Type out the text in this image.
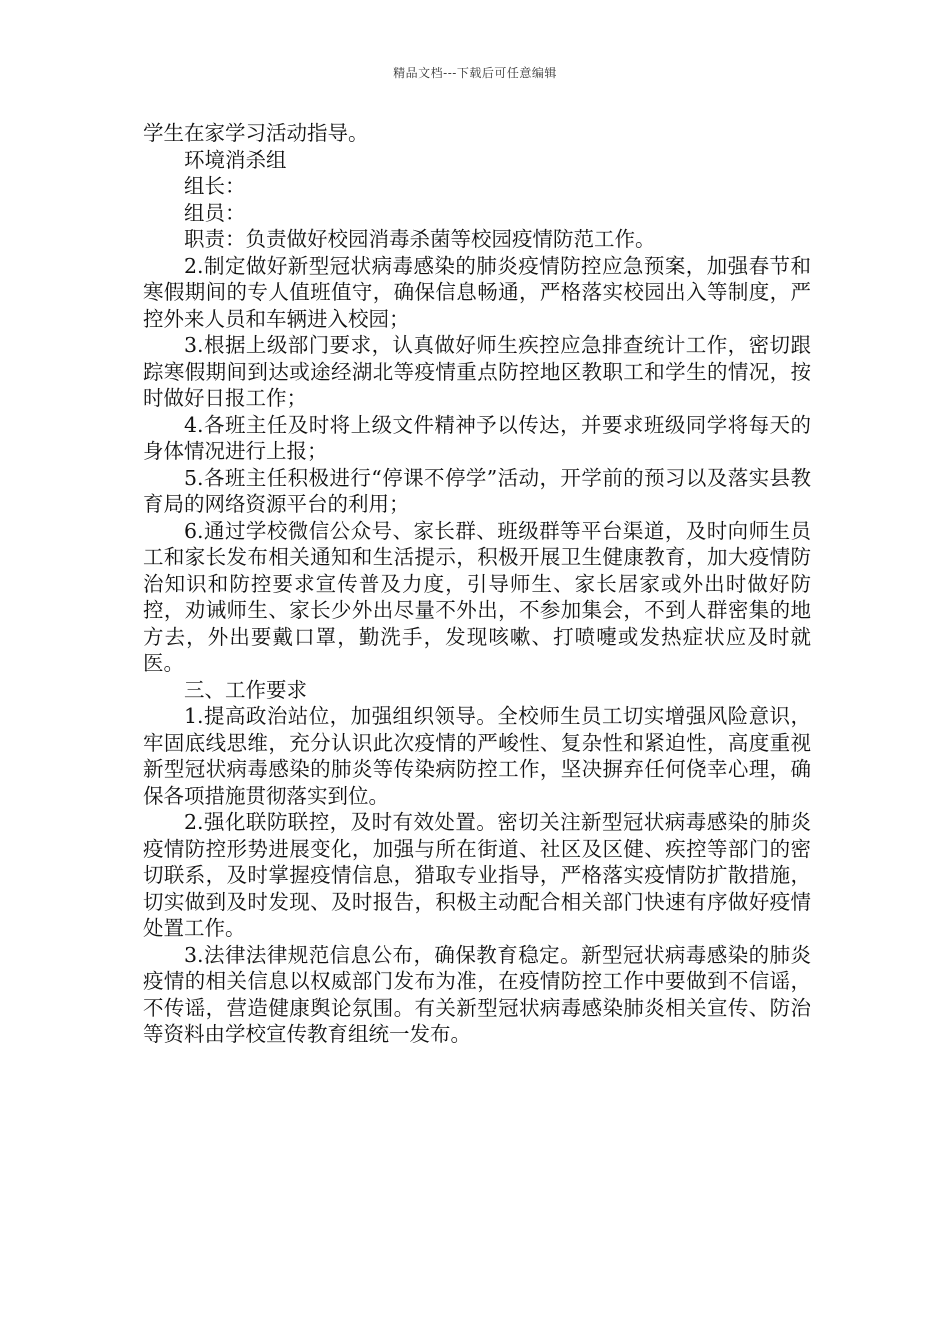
精品文档---下载后可任意编辑

学生在家学习活动指导。

环境消杀组

组长：

组员：

职责：负责做好校园消毒杀菌等校园疫情防范工作。

2.制定做好新型冠状病毒感染的肺炎疫情防控应急预案，加强春节和寒假期间的专人值班值守，确保信息畅通，严格落实校园出入等制度，严控外来人员和车辆进入校园；

3.根据上级部门要求，认真做好师生疾控应急排查统计工作，密切跟踪寒假期间到达或途经湖北等疫情重点防控地区教职工和学生的情况，按时做好日报工作；

4.各班主任及时将上级文件精神予以传达，并要求班级同学将每天的身体情况进行上报；

5.各班主任积极进行“停课不停学”活动，开学前的预习以及落实县教育局的网络资源平台的利用；

6.通过学校微信公众号、家长群、班级群等平台渠道，及时向师生员工和家长发布相关通知和生活提示，积极开展卫生健康教育，加大疫情防治知识和防控要求宣传普及力度，引导师生、家长居家或外出时做好防控，劝诫师生、家长少外出尽量不外出，不参加集会，不到人群密集的地方去，外出要戴口罩，勤洗手，发现咳嗽、打喷嚏或发热症状应及时就医。

三、工作要求

1.提高政治站位，加强组织领导。全校师生员工切实增强风险意识，牢固底线思维，充分认识此次疫情的严峻性、复杂性和紧迫性，高度重视新型冠状病毒感染的肺炎等传染病防控工作，坚决摒弃任何侥幸心理，确保各项措施贯彻落实到位。

2.强化联防联控，及时有效处置。密切关注新型冠状病毒感染的肺炎疫情防控形势进展变化，加强与所在街道、社区及区健、疾控等部门的密切联系，及时掌握疫情信息，猎取专业指导，严格落实疫情防扩散措施，切实做到及时发现、及时报告，积极主动配合相关部门快速有序做好疫情处置工作。

3.法律法律规范信息公布，确保教育稳定。新型冠状病毒感染的肺炎疫情的相关信息以权威部门发布为准，在疫情防控工作中要做到不信谣，不传谣，营造健康舆论氛围。有关新型冠状病毒感染肺炎相关宣传、防治等资料由学校宣传教育组统一发布。
